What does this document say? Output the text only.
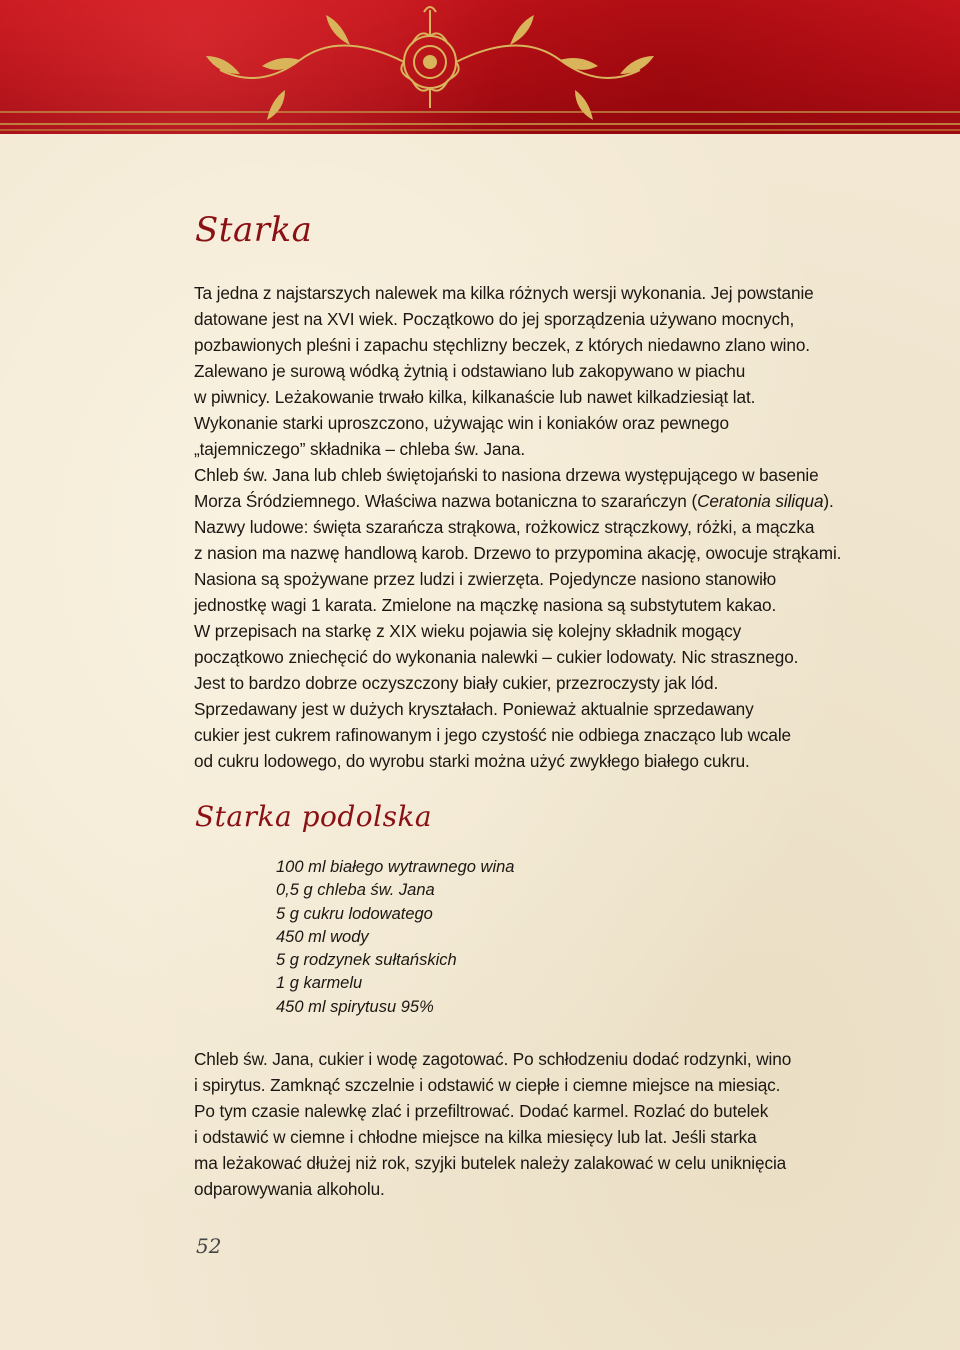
Starka

Ta jedna z najstarszych nalewek ma kilka różnych wersji wykonania. Jej powstanie

datowane jest na XVI wiek. Początkowo do jej sporządzenia używano mocnych,

pozbawionych pleśni i zapachu stęchlizny beczek, z których niedawno zlano wino.

Zalewano je surową wódką żytnią i odstawiano lub zakopywano w piachu

w piwnicy. Leżakowanie trwało kilka, kilkanaście lub nawet kilkadziesiąt lat.

Wykonanie starki uproszczono, używając win i koniaków oraz pewnego

„tajemniczego” składnika – chleba św. Jana.

Chleb św. Jana lub chleb świętojański to nasiona drzewa występującego w basenie

Morza Śródziemnego. Właściwa nazwa botaniczna to szarańczyn (Ceratonia siliqua).

Nazwy ludowe: święta szarańcza strąkowa, rożkowicz strączkowy, różki, a mączka

z nasion ma nazwę handlową karob. Drzewo to przypomina akację, owocuje strąkami.

Nasiona są spożywane przez ludzi i zwierzęta. Pojedyncze nasiono stanowiło

jednostkę wagi 1 karata. Zmielone na mączkę nasiona są substytutem kakao.

W przepisach na starkę z XIX wieku pojawia się kolejny składnik mogący

początkowo zniechęcić do wykonania nalewki – cukier lodowaty. Nic strasznego.

Jest to bardzo dobrze oczyszczony biały cukier, przezroczysty jak lód.

Sprzedawany jest w dużych kryształach. Ponieważ aktualnie sprzedawany

cukier jest cukrem rafinowanym i jego czystość nie odbiega znacząco lub wcale

od cukru lodowego, do wyrobu starki można użyć zwykłego białego cukru.

Starka podolska
100 ml białego wytrawnego wina
0,5 g chleba św. Jana
5 g cukru lodowatego
450 ml wody
5 g rodzynek sułtańskich
1 g karmelu
450 ml spirytusu 95%

Chleb św. Jana, cukier i wodę zagotować. Po schłodzeniu dodać rodzynki, wino

i spirytus. Zamknąć szczelnie i odstawić w ciepłe i ciemne miejsce na miesiąc.

Po tym czasie nalewkę zlać i przefiltrować. Dodać karmel. Rozlać do butelek

i odstawić w ciemne i chłodne miejsce na kilka miesięcy lub lat. Jeśli starka

ma leżakować dłużej niż rok, szyjki butelek należy zalakować w celu uniknięcia

odparowywania alkoholu.

52
